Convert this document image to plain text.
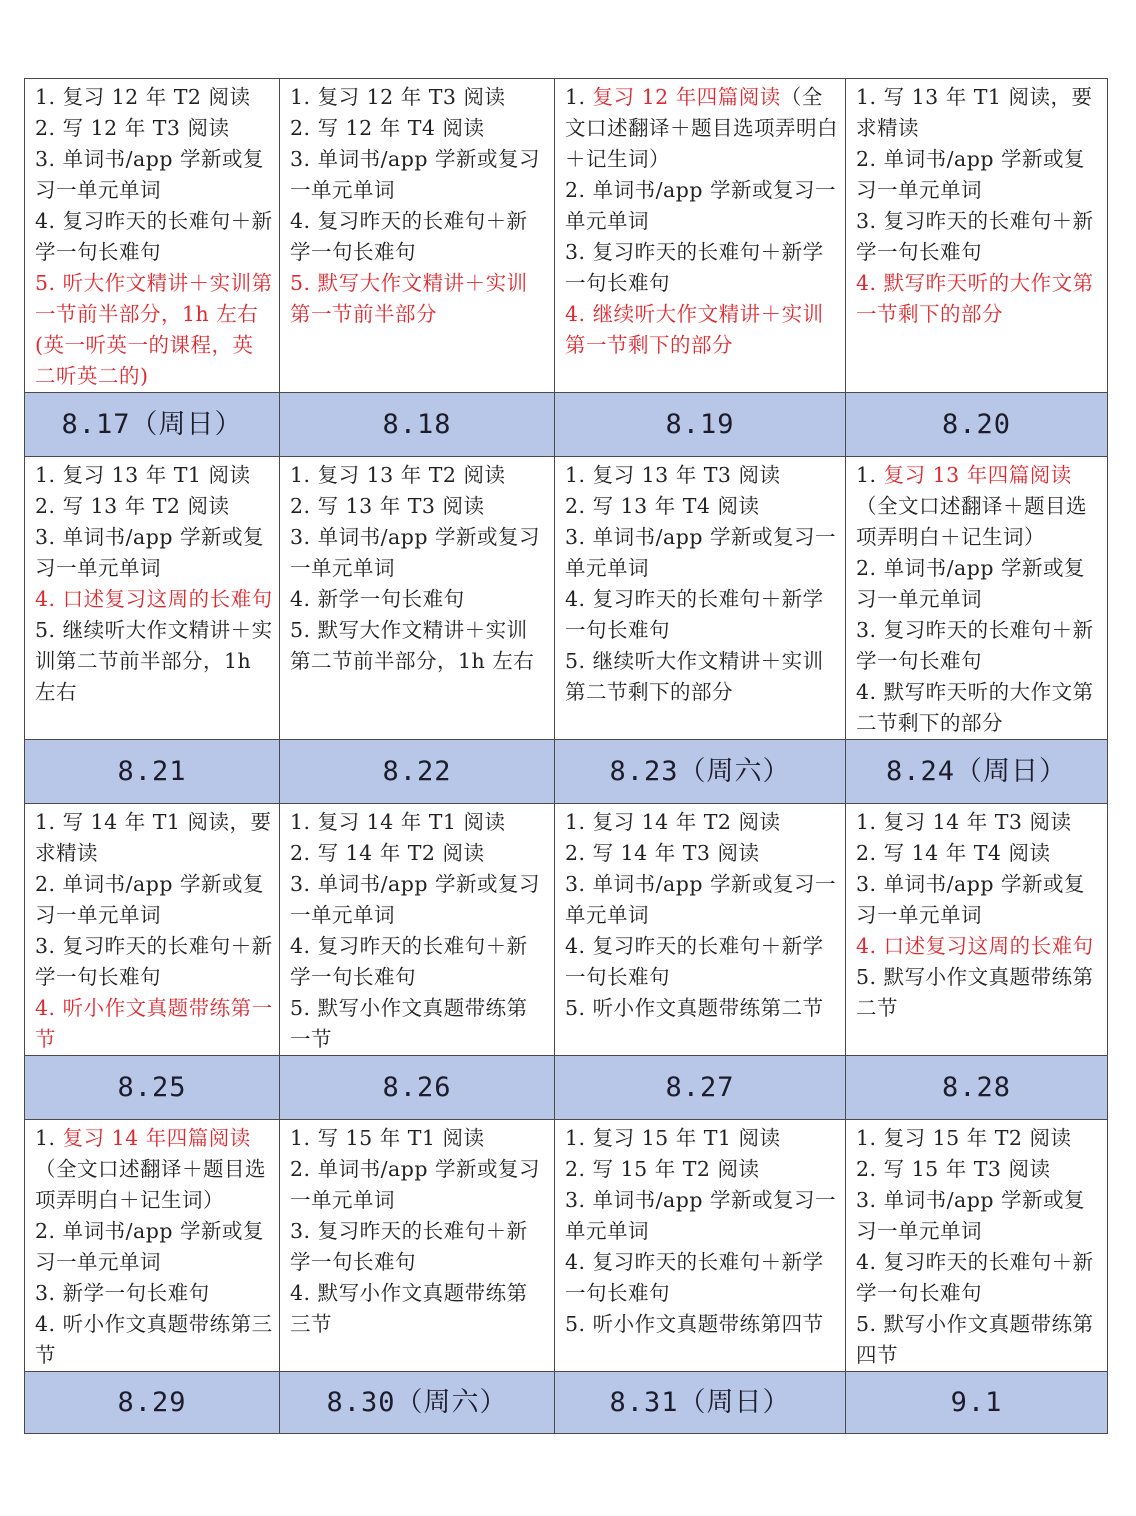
1. 复习 12 年 T2 阅读
2. 写 12 年 T3 阅读
3. 单词书/app 学新或复习一单元单词
4. 复习昨天的长难句＋新学一句长难句
5. 听大作文精讲＋实训第一节前半部分，1h 左右(英一听英一的课程，英二听英二的)	1. 复习 12 年 T3 阅读
2. 写 12 年 T4 阅读
3. 单词书/app 学新或复习一单元单词
4. 复习昨天的长难句＋新学一句长难句
5. 默写大作文精讲＋实训第一节前半部分	1. 复习 12 年四篇阅读（全文口述翻译＋题目选项弄明白＋记生词）
2. 单词书/app 学新或复习一单元单词
3. 复习昨天的长难句＋新学一句长难句
4. 继续听大作文精讲＋实训第一节剩下的部分	1. 写 13 年 T1 阅读，要求精读
2. 单词书/app 学新或复习一单元单词
3. 复习昨天的长难句＋新学一句长难句
4. 默写昨天听的大作文第一节剩下的部分

8.17（周日）	8.18	8.19	8.20

1. 复习 13 年 T1 阅读
2. 写 13 年 T2 阅读
3. 单词书/app 学新或复习一单元单词
4. 口述复习这周的长难句
5. 继续听大作文精讲＋实训第二节前半部分，1h 左右	1. 复习 13 年 T2 阅读
2. 写 13 年 T3 阅读
3. 单词书/app 学新或复习一单元单词
4. 新学一句长难句
5. 默写大作文精讲＋实训第二节前半部分，1h 左右	1. 复习 13 年 T3 阅读
2. 写 13 年 T4 阅读
3. 单词书/app 学新或复习一单元单词
4. 复习昨天的长难句＋新学一句长难句
5. 继续听大作文精讲＋实训第二节剩下的部分	1. 复习 13 年四篇阅读（全文口述翻译＋题目选项弄明白＋记生词）
2. 单词书/app 学新或复习一单元单词
3. 复习昨天的长难句＋新学一句长难句
4. 默写昨天听的大作文第二节剩下的部分

8.21	8.22	8.23（周六）	8.24（周日）

1. 写 14 年 T1 阅读，要求精读
2. 单词书/app 学新或复习一单元单词
3. 复习昨天的长难句＋新学一句长难句
4. 听小作文真题带练第一节	1. 复习 14 年 T1 阅读
2. 写 14 年 T2 阅读
3. 单词书/app 学新或复习一单元单词
4. 复习昨天的长难句＋新学一句长难句
5. 默写小作文真题带练第一节	1. 复习 14 年 T2 阅读
2. 写 14 年 T3 阅读
3. 单词书/app 学新或复习一单元单词
4. 复习昨天的长难句＋新学一句长难句
5. 听小作文真题带练第二节	1. 复习 14 年 T3 阅读
2. 写 14 年 T4 阅读
3. 单词书/app 学新或复习一单元单词
4. 口述复习这周的长难句
5. 默写小作文真题带练第二节

8.25	8.26	8.27	8.28

1. 复习 14 年四篇阅读（全文口述翻译＋题目选项弄明白＋记生词）
2. 单词书/app 学新或复习一单元单词
3. 新学一句长难句
4. 听小作文真题带练第三节	1. 写 15 年 T1 阅读
2. 单词书/app 学新或复习一单元单词
3. 复习昨天的长难句＋新学一句长难句
4. 默写小作文真题带练第三节	1. 复习 15 年 T1 阅读
2. 写 15 年 T2 阅读
3. 单词书/app 学新或复习一单元单词
4. 复习昨天的长难句＋新学一句长难句
5. 听小作文真题带练第四节	1. 复习 15 年 T2 阅读
2. 写 15 年 T3 阅读
3. 单词书/app 学新或复习一单元单词
4. 复习昨天的长难句＋新学一句长难句
5. 默写小作文真题带练第四节

8.29	8.30（周六）	8.31（周日）	9.1
